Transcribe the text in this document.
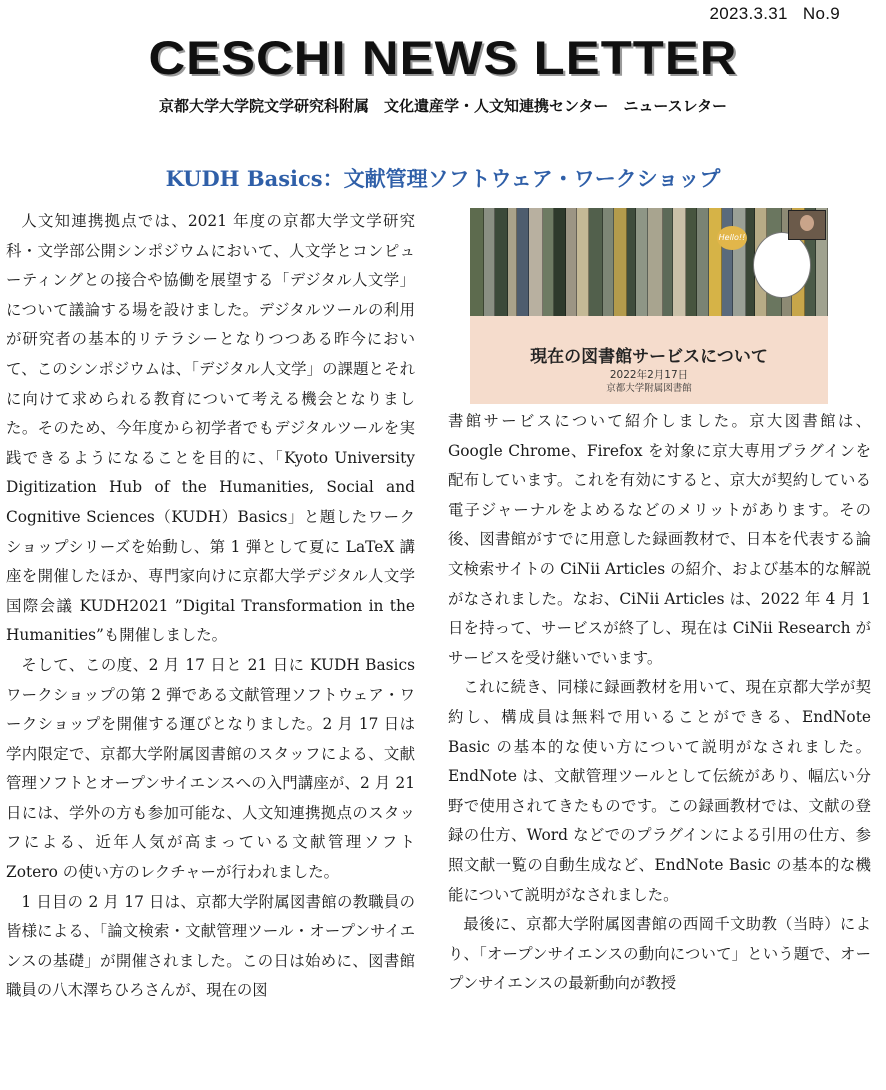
2023.3.31 No.9
CESCHI NEWS LETTER
京都大学大学院文学研究科附属　文化遺産学・人文知連携センター　ニュースレター
KUDH Basics：文献管理ソフトウェア・ワークショップ

人文知連携拠点では、2021 年度の京都大学文学研究科・文学部公開シンポジウムにおいて、人文学とコンピューティングとの接合や協働を展望する「デジタル人文学」について議論する場を設けました。デジタルツールの利用が研究者の基本的リテラシーとなりつつある昨今において、このシンポジウムは、「デジタル人文学」の課題とそれに向けて求められる教育について考える機会となりました。そのため、今年度から初学者でもデジタルツールを実践できるようになることを目的に、「Kyoto University Digitization Hub of the Humanities, Social and Cognitive Sciences（KUDH）Basics」と題したワークショップシリーズを始動し、第 1 弾として夏に LaTeX 講座を開催したほか、専門家向けに京都大学デジタル人文学国際会議 KUDH2021 ”Digital Transformation in the Humanities”も開催しました。

そして、この度、2 月 17 日と 21 日に KUDH Basics ワークショップの第 2 弾である文献管理ソフトウェア・ワークショップを開催する運びとなりました。2 月 17 日は学内限定で、京都大学附属図書館のスタッフによる、文献管理ソフトとオープンサイエンスへの入門講座が、2 月 21 日には、学外の方も参加可能な、人文知連携拠点のスタッフによる、近年人気が高まっている文献管理ソフト Zotero の使い方のレクチャーが行われました。

1 日目の 2 月 17 日は、京都大学附属図書館の教職員の皆様による、「論文検索・文献管理ツール・オープンサイエンスの基礎」が開催されました。この日は始めに、図書館職員の八木澤ちひろさんが、現在の図

Hello!!
現在の図書館サービスについて
2022年2月17日
京都大学附属図書館

書館サービスについて紹介しました。京大図書館は、Google Chrome、Firefox を対象に京大専用プラグインを配布しています。これを有効にすると、京大が契約している電子ジャーナルをよめるなどのメリットがあります。その後、図書館がすでに用意した録画教材で、日本を代表する論文検索サイトの CiNii Articles の紹介、および基本的な解説がなされました。なお、CiNii Articles は、2022 年 4 月 1 日を持って、サービスが終了し、現在は CiNii Research がサービスを受け継いでいます。

これに続き、同様に録画教材を用いて、現在京都大学が契約し、構成員は無料で用いることができる、EndNote Basic の基本的な使い方について説明がなされました。EndNote は、文献管理ツールとして伝統があり、幅広い分野で使用されてきたものです。この録画教材では、文献の登録の仕方、Word などでのプラグインによる引用の仕方、参照文献一覧の自動生成など、EndNote Basic の基本的な機能について説明がなされました。

最後に、京都大学附属図書館の西岡千文助教（当時）により、「オープンサイエンスの動向について」という題で、オープンサイエンスの最新動向が教授
